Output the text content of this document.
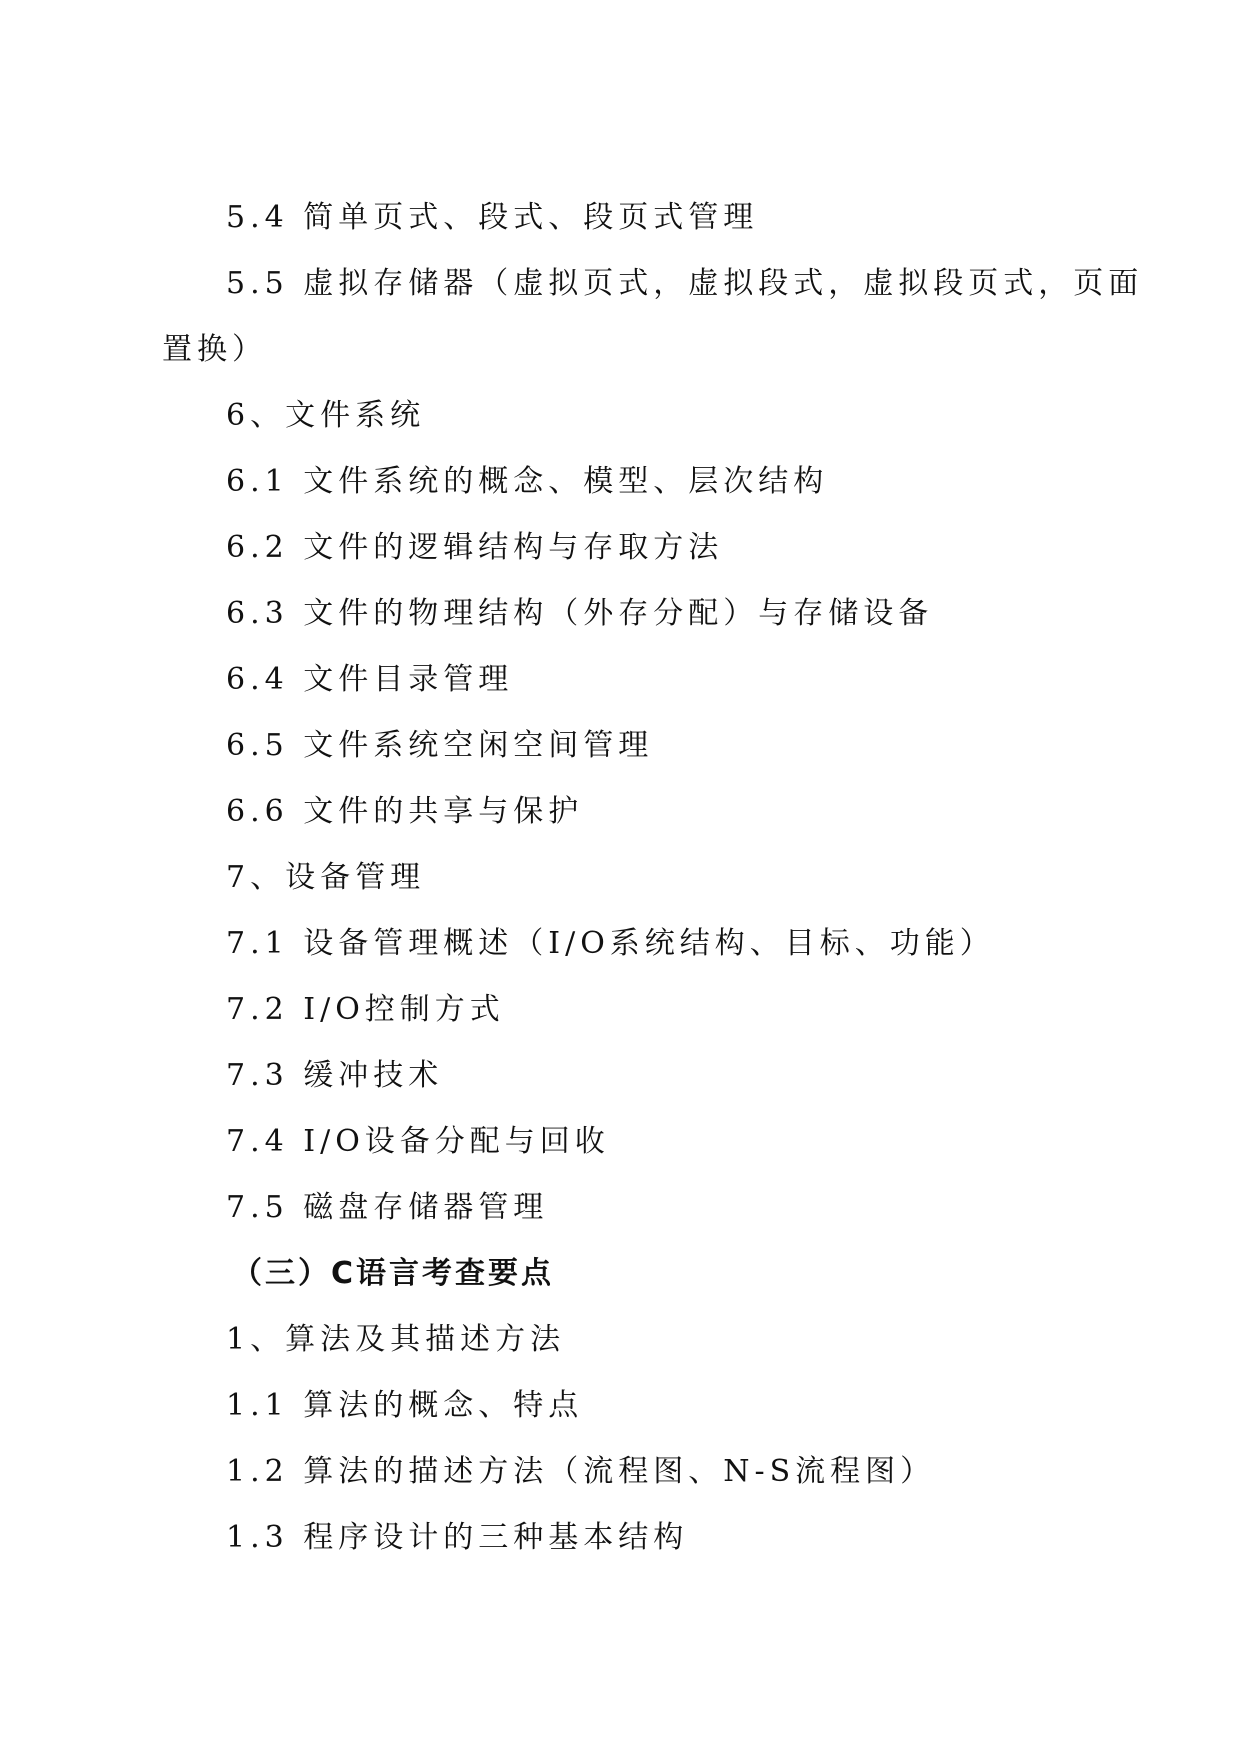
5.4 简单页式、段式、段页式管理
5.5 虚拟存储器（虚拟页式，虚拟段式，虚拟段页式，页面
置换）
6、文件系统
6.1 文件系统的概念、模型、层次结构
6.2 文件的逻辑结构与存取方法
6.3 文件的物理结构（外存分配）与存储设备
6.4 文件目录管理
6.5 文件系统空闲空间管理
6.6 文件的共享与保护
7、设备管理
7.1 设备管理概述（I/O系统结构、目标、功能）
7.2 I/O控制方式
7.3 缓冲技术
7.4 I/O设备分配与回收
7.5 磁盘存储器管理
（三）C语言考查要点
1、算法及其描述方法
1.1 算法的概念、特点
1.2 算法的描述方法（流程图、N-S流程图）
1.3 程序设计的三种基本结构
